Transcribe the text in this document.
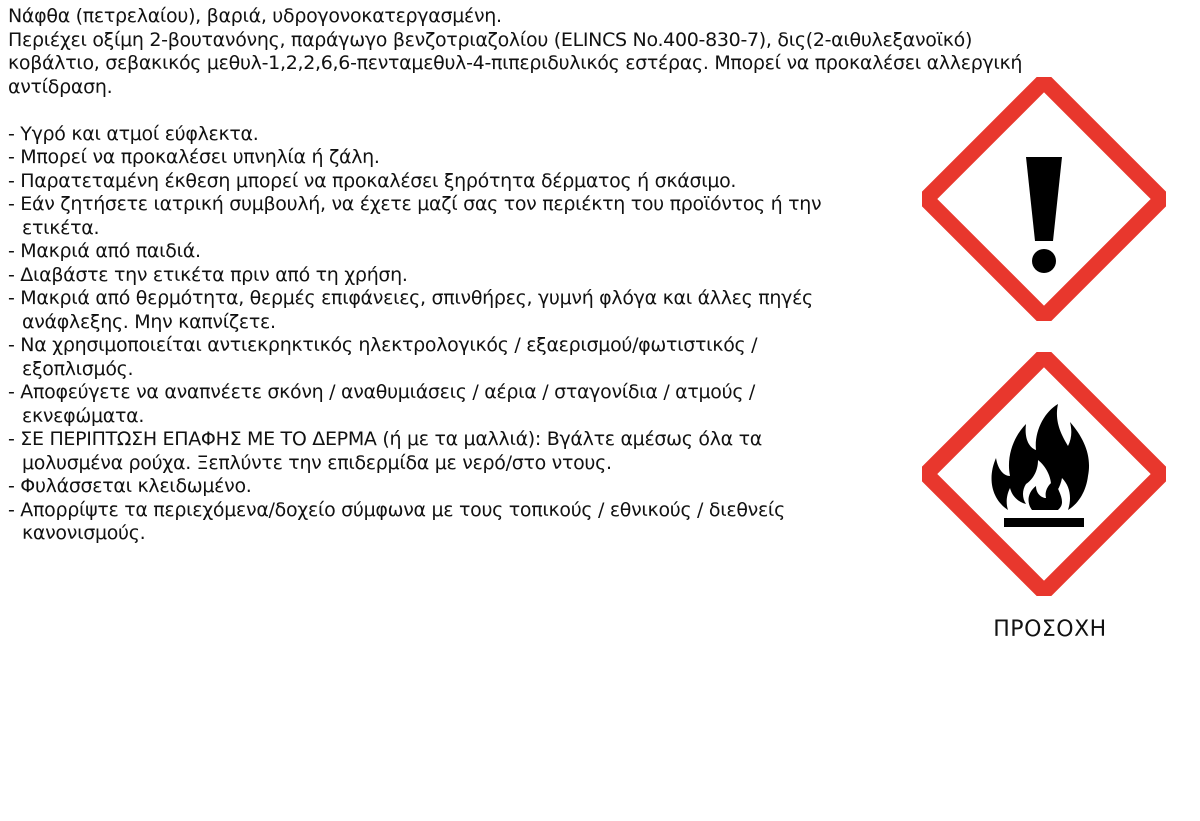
Νάφθα (πετρελαίου), βαριά, υδρογονοκατεργασμένη.
Περιέχει οξίμη 2-βουτανόνης, παράγωγο βενζοτριαζολίου (ELINCS No.400-830-7), δις(2-αιθυλεξανοϊκό)
κοβάλτιο, σεβακικός μεθυλ-1,2,2,6,6-πενταμεθυλ-4-πιπεριδυλικός εστέρας. Μπορεί να προκαλέσει αλλεργική
αντίδραση.
- Υγρό και ατμοί εύφλεκτα.
- Μπορεί να προκαλέσει υπνηλία ή ζάλη.
- Παρατεταμένη έκθεση μπορεί να προκαλέσει ξηρότητα δέρματος ή σκάσιμο.
- Εάν ζητήσετε ιατρική συμβουλή, να έχετε μαζί σας τον περιέκτη του προϊόντος ή την
ετικέτα.
- Μακριά από παιδιά.
- Διαβάστε την ετικέτα πριν από τη χρήση.
- Μακριά από θερμότητα, θερμές επιφάνειες, σπινθήρες, γυμνή φλόγα και άλλες πηγές
ανάφλεξης. Μην καπνίζετε.
- Να χρησιμοποιείται αντιεκρηκτικός ηλεκτρολογικός / εξαερισμού/φωτιστικός /
εξοπλισμός.
- Αποφεύγετε να αναπνέετε σκόνη / αναθυμιάσεις / αέρια / σταγονίδια / ατμούς /
εκνεφώματα.
- ΣΕ ΠΕΡΙΠΤΩΣΗ ΕΠΑΦΗΣ ΜΕ ΤΟ ΔΕΡΜΑ (ή με τα μαλλιά): Βγάλτε αμέσως όλα τα
μολυσμένα ρούχα. Ξεπλύντε την επιδερμίδα με νερό/στο ντους.
- Φυλάσσεται κλειδωμένο.
- Απορρίψτε τα περιεχόμενα/δοχείο σύμφωνα με τους τοπικούς / εθνικούς / διεθνείς
κανονισμούς.
ΠΡΟΣΟΧΗ
